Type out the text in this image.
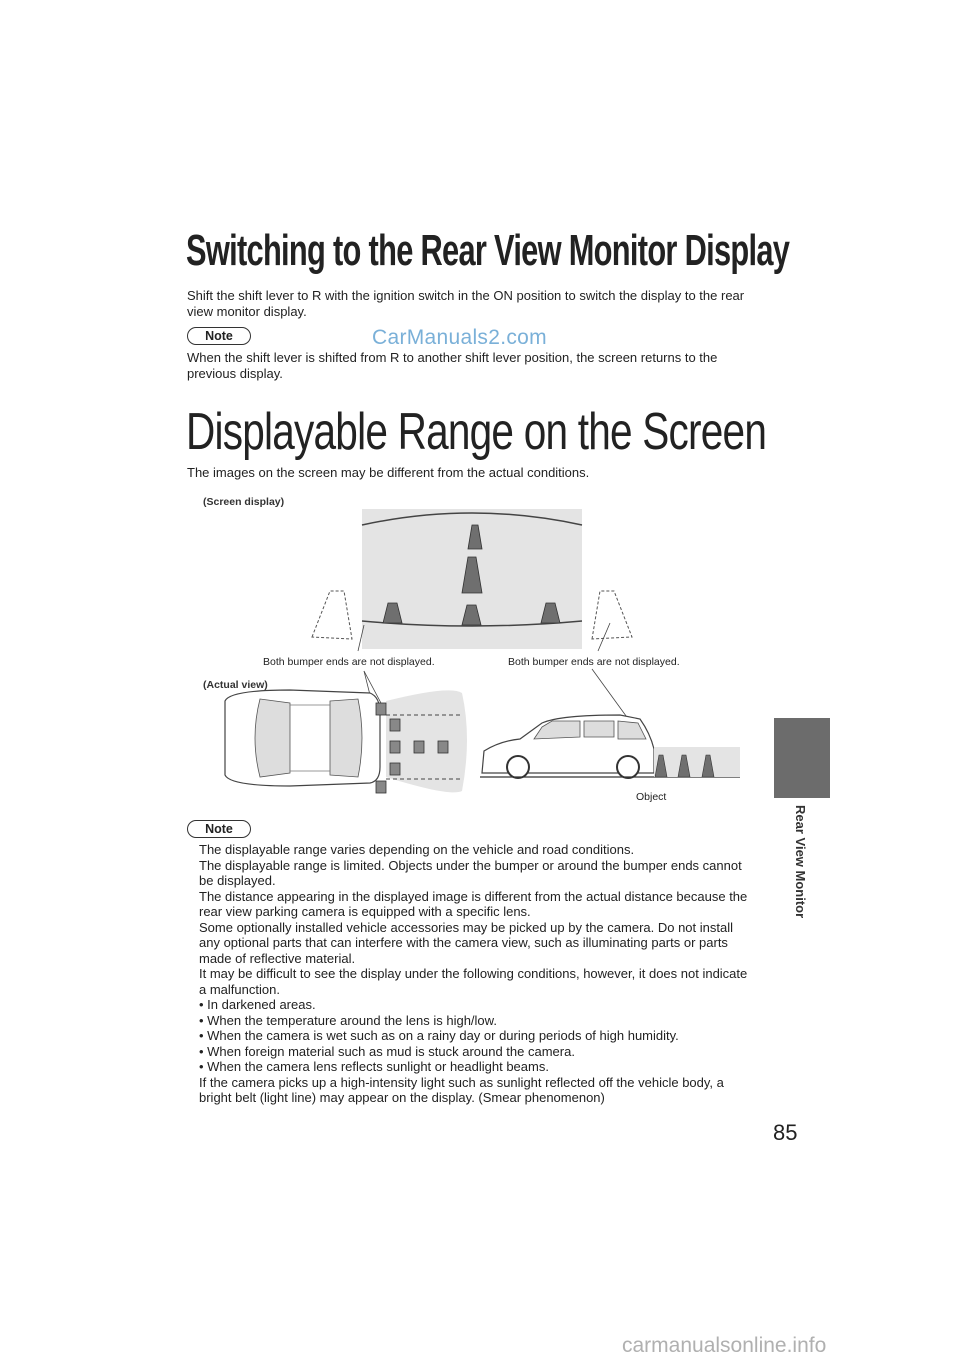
Switching to the Rear View Monitor Display
Shift the shift lever to R with the ignition switch in the ON position to switch the display to the rear view monitor display.
Note	CarManuals2.com
When the shift lever is shifted from R to another shift lever position, the screen returns to the previous display.
Displayable Range on the Screen
The images on the screen may be different from the actual conditions.
(Screen display)
(Actual view)
Both bumper ends are not displayed.	Both bumper ends are not displayed.
Object
Note
The displayable range varies depending on the vehicle and road conditions.
The displayable range is limited. Objects under the bumper or around the bumper ends cannot be displayed.
The distance appearing in the displayed image is different from the actual distance because the rear view parking camera is equipped with a specific lens.
Some optionally installed vehicle accessories may be picked up by the camera. Do not install any optional parts that can interfere with the camera view, such as illuminating parts or parts made of reflective material.
It may be difficult to see the display under the following conditions, however, it does not indicate a malfunction.
• In darkened areas.
• When the temperature around the lens is high/low.
• When the camera is wet such as on a rainy day or during periods of high humidity.
• When foreign material such as mud is stuck around the camera.
• When the camera lens reflects sunlight or headlight beams.
If the camera picks up a high-intensity light such as sunlight reflected off the vehicle body, a bright belt (light line) may appear on the display. (Smear phenomenon)
Rear View Monitor
85
carmanualsonline.info
